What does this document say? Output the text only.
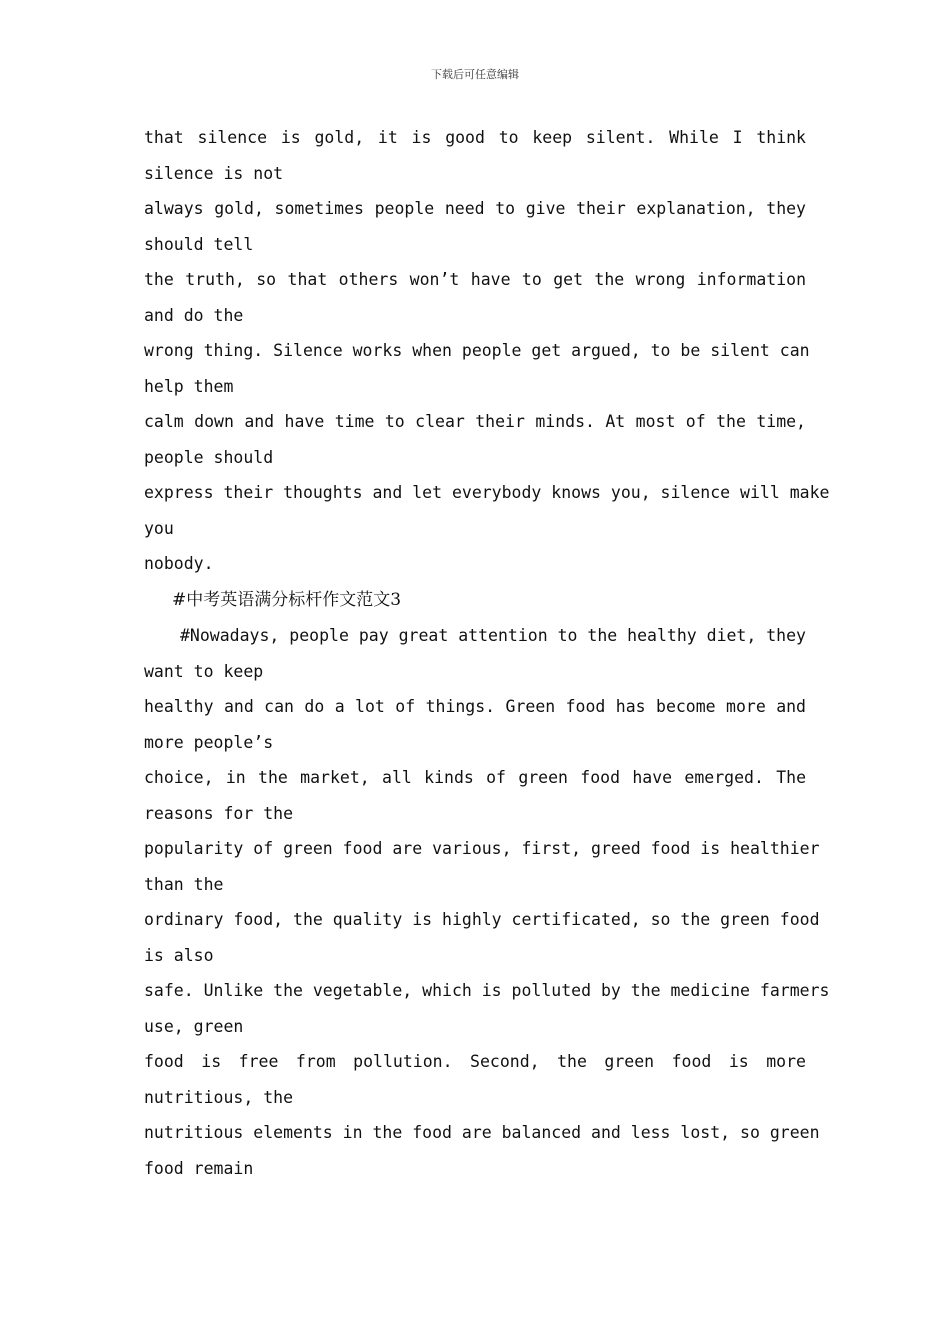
下载后可任意编辑
that silence is gold, it is good to keep silent. While I think
silence is not
always gold, sometimes people need to give their explanation, they
should tell
the truth, so that others won’t have to get the wrong information
and do the
wrong thing. Silence works when people get argued, to be silent can
help them
calm down and have time to clear their minds. At most of the time,
people should
express their thoughts and let everybody knows you, silence will make
you
nobody.
#中考英语满分标杆作文范文3
#Nowadays, people pay great attention to the healthy diet, they
want to keep
healthy and can do a lot of things. Green food has become more and
more people’s
choice, in the market, all kinds of green food have emerged. The
reasons for the
popularity of green food are various, first, greed food is healthier
than the
ordinary food, the quality is highly certificated, so the green food
is also
safe. Unlike the vegetable, which is polluted by the medicine farmers
use, green
food is free from pollution. Second, the green food is more
nutritious, the
nutritious elements in the food are balanced and less lost, so green
food remain
